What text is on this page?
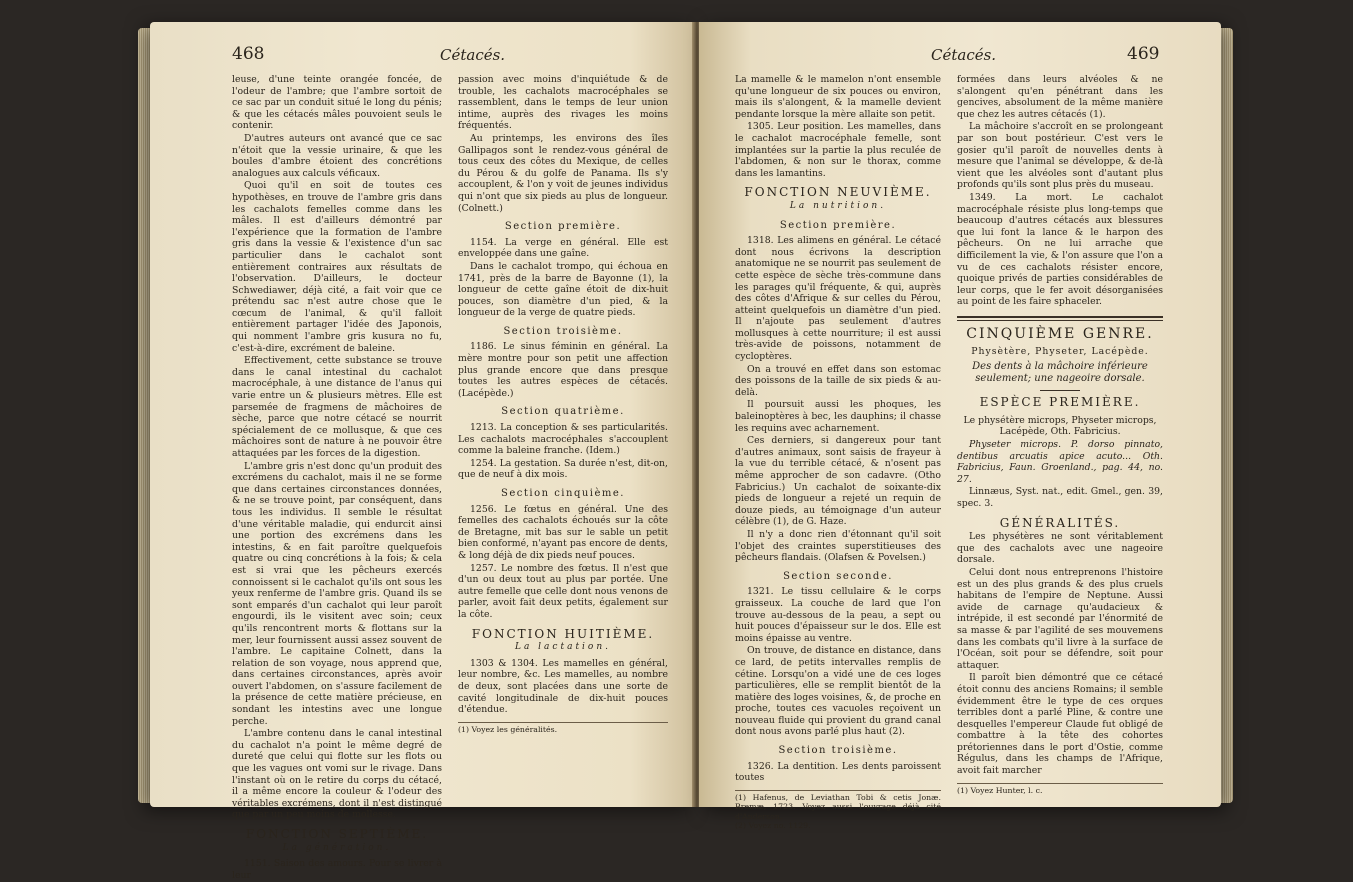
468	Cétacés.

leuse, d'une teinte orangée foncée, de l'odeur de l'ambre; que l'ambre sortoit de ce sac par un conduit situé le long du pénis; & que les cétacés mâles pouvoient seuls le contenir.

D'autres auteurs ont avancé que ce sac n'étoit que la vessie urinaire, & que les boules d'ambre étoient des concrétions analogues aux calculs véficaux.

Quoi qu'il en soit de toutes ces hypothèses, en trouve de l'ambre gris dans les cachalots femelles comme dans les mâles. Il est d'ailleurs démontré par l'expérience que la formation de l'ambre gris dans la vessie & l'existence d'un sac particulier dans le cachalot sont entièrement contraires aux résultats de l'observation. D'ailleurs, le docteur Schwediawer, déjà cité, a fait voir que ce prétendu sac n'est autre chose que le cœcum de l'animal, & qu'il falloit entièrement partager l'idée des Japonois, qui nomment l'ambre gris kusura no fu, c'est-à-dire, excrément de baleine.

Effectivement, cette substance se trouve dans le canal intestinal du cachalot macrocéphale, à une distance de l'anus qui varie entre un & plusieurs mètres. Elle est parsemée de fragmens de mâchoires de sèche, parce que notre cétacé se nourrit spécialement de ce mollusque, & que ces mâchoires sont de nature à ne pouvoir être attaquées par les forces de la digestion.

L'ambre gris n'est donc qu'un produit des excrémens du cachalot, mais il ne se forme que dans certaines circonstances données, & ne se trouve point, par conséquent, dans tous les individus. Il semble le résultat d'une véritable maladie, qui endurcit ainsi une portion des excrémens dans les intestins, & en fait paroître quelquefois quatre ou cinq concrétions à la fois; & cela est si vrai que les pêcheurs exercés connoissent si le cachalot qu'ils ont sous les yeux renferme de l'ambre gris. Quand ils se sont emparés d'un cachalot qui leur paroît engourdi, ils le visitent avec soin; ceux qu'ils rencontrent morts & flottans sur la mer, leur fournissent aussi assez souvent de l'ambre. Le capitaine Colnett, dans la relation de son voyage, nous apprend que, dans certaines circonstances, après avoir ouvert l'abdomen, on s'assure facilement de la présence de cette matière précieuse, en sondant les intestins avec une longue perche.

L'ambre contenu dans le canal intestinal du cachalot n'a point le même degré de dureté que celui qui flotte sur les flots ou que les vagues ont vomi sur le rivage. Dans l'instant où on le retire du corps du cétacé, il a même encore la couleur & l'odeur des véritables excrémens, dont il n'est distingué que par un peu moins de mollesse.

FONCTION SEPTIÈME.
La génération.

1151. Saison des amours. Pour se livrer à leur

passion avec moins d'inquiétude & de trouble, les cachalots macrocéphales se rassemblent, dans le temps de leur union intime, auprès des rivages les moins fréquentés.

Au printemps, les environs des îles Gallipagos sont le rendez-vous général de tous ceux des côtes du Mexique, de celles du Pérou & du golfe de Panama. Ils s'y accouplent, & l'on y voit de jeunes individus qui n'ont que six pieds au plus de longueur. (Colnett.)

Section première.

1154. La verge en général. Elle est enveloppée dans une gaîne.

Dans le cachalot trompo, qui échoua en 1741, près de la barre de Bayonne (1), la longueur de cette gaîne étoit de dix-huit pouces, son diamètre d'un pied, & la longueur de la verge de quatre pieds.

Section troisième.

1186. Le sinus féminin en général. La mère montre pour son petit une affection plus grande encore que dans presque toutes les autres espèces de cétacés. (Lacépède.)

Section quatrième.

1213. La conception & ses particularités. Les cachalots macrocéphales s'accouplent comme la baleine franche. (Idem.)

1254. La gestation. Sa durée n'est, dit-on, que de neuf à dix mois.

Section cinquième.

1256. Le fœtus en général. Une des femelles des cachalots échoués sur la côte de Bretagne, mit bas sur le sable un petit bien conformé, n'ayant pas encore de dents, & long déjà de dix pieds neuf pouces.

1257. Le nombre des fœtus. Il n'est que d'un ou deux tout au plus par portée. Une autre femelle que celle dont nous venons de parler, avoit fait deux petits, également sur la côte.

FONCTION HUITIÈME.
La lactation.

1303 & 1304. Les mamelles en général, leur nombre, &c. Les mamelles, au nombre de deux, sont placées dans une sorte de cavité longitudinale de dix-huit pouces d'étendue.

(1) Voyez les généralités.
Cétacés.	469

La mamelle & le mamelon n'ont ensemble qu'une longueur de six pouces ou environ, mais ils s'alongent, & la mamelle devient pendante lorsque la mère allaite son petit.

1305. Leur position. Les mamelles, dans le cachalot macrocéphale femelle, sont implantées sur la partie la plus reculée de l'abdomen, & non sur le thorax, comme dans les lamantins.

FONCTION NEUVIÈME.
La nutrition.
Section première.

1318. Les alimens en général. Le cétacé dont nous écrivons la description anatomique ne se nourrit pas seulement de cette espèce de sèche très-commune dans les parages qu'il fréquente, & qui, auprès des côtes d'Afrique & sur celles du Pérou, atteint quelquefois un diamètre d'un pied. Il n'ajoute pas seulement d'autres mollusques à cette nourriture; il est aussi très-avide de poissons, notamment de cycloptères.

On a trouvé en effet dans son estomac des poissons de la taille de six pieds & au-delà.

Il poursuit aussi les phoques, les baleinoptères à bec, les dauphins; il chasse les requins avec acharnement.

Ces derniers, si dangereux pour tant d'autres animaux, sont saisis de frayeur à la vue du terrible cétacé, & n'osent pas même approcher de son cadavre. (Otho Fabricius.) Un cachalot de soixante-dix pieds de longueur a rejeté un requin de douze pieds, au témoignage d'un auteur célèbre (1), de G. Haze.

Il n'y a donc rien d'étonnant qu'il soit l'objet des craintes superstitieuses des pêcheurs flandais. (Olafsen & Povelsen.)

Section seconde.

1321. Le tissu cellulaire & le corps graisseux. La couche de lard que l'on trouve au-dessous de la peau, a sept ou huit pouces d'épaisseur sur le dos. Elle est moins épaisse au ventre.

On trouve, de distance en distance, dans ce lard, de petits intervalles remplis de cétine. Lorsqu'on a vidé une de ces loges particulières, elle se remplit bientôt de la matière des loges voisines, &, de proche en proche, toutes ces vacuoles reçoivent un nouveau fluide qui provient du grand canal dont nous avons parlé plus haut (2).

Section troisième.

1326. La dentition. Les dents paroissent toutes

(1) Hafenus, de Leviathan Tobi & cetis Jonæ. Bremæ, 1723. Voyez aussi l'ouvrage déjà cité d'Anderson.
(2) Voyez no. 1129.

formées dans leurs alvéoles & ne s'alongent qu'en pénétrant dans les gencives, absolument de la même manière que chez les autres cétacés (1).

La mâchoire s'accroît en se prolongeant par son bout postérieur. C'est vers le gosier qu'il paroît de nouvelles dents à mesure que l'animal se développe, & de-là vient que les alvéoles sont d'autant plus profonds qu'ils sont plus près du museau.

1349. La mort. Le cachalot macrocéphale résiste plus long-temps que beaucoup d'autres cétacés aux blessures que lui font la lance & le harpon des pêcheurs. On ne lui arrache que difficilement la vie, & l'on assure que l'on a vu de ces cachalots résister encore, quoique privés de parties considérables de leur corps, que le fer avoit désorganisées au point de les faire sphaceler.

CINQUIÈME GENRE.
Physètère, Physeter, Lacépède.
Des dents à la mâchoire inférieure seulement; une nageoire dorsale.
ESPÈCE PREMIÈRE.

Le physétère microps, Physeter microps, Lacépède, Oth. Fabricius.

Physeter microps. P. dorso pinnato, dentibus arcuatis apice acuto... Oth. Fabricius, Faun. Groenland., pag. 44, no. 27.

Linnæus, Syst. nat., edit. Gmel., gen. 39, spec. 3.

GÉNÉRALITÉS.

Les physétères ne sont véritablement que des cachalots avec une nageoire dorsale.

Celui dont nous entreprenons l'histoire est un des plus grands & des plus cruels habitans de l'empire de Neptune. Aussi avide de carnage qu'audacieux & intrépide, il est secondé par l'énormité de sa masse & par l'agilité de ses mouvemens dans les combats qu'il livre à la surface de l'Océan, soit pour se défendre, soit pour attaquer.

Il paroît bien démontré que ce cétacé étoit connu des anciens Romains; il semble évidemment être le type de ces orques terribles dont a parlé Pline, & contre une desquelles l'empereur Claude fut obligé de combattre à la tête des cohortes prétoriennes dans le port d'Ostie, comme Régulus, dans les champs de l'Afrique, avoit fait marcher

(1) Voyez Hunter, l. c.
